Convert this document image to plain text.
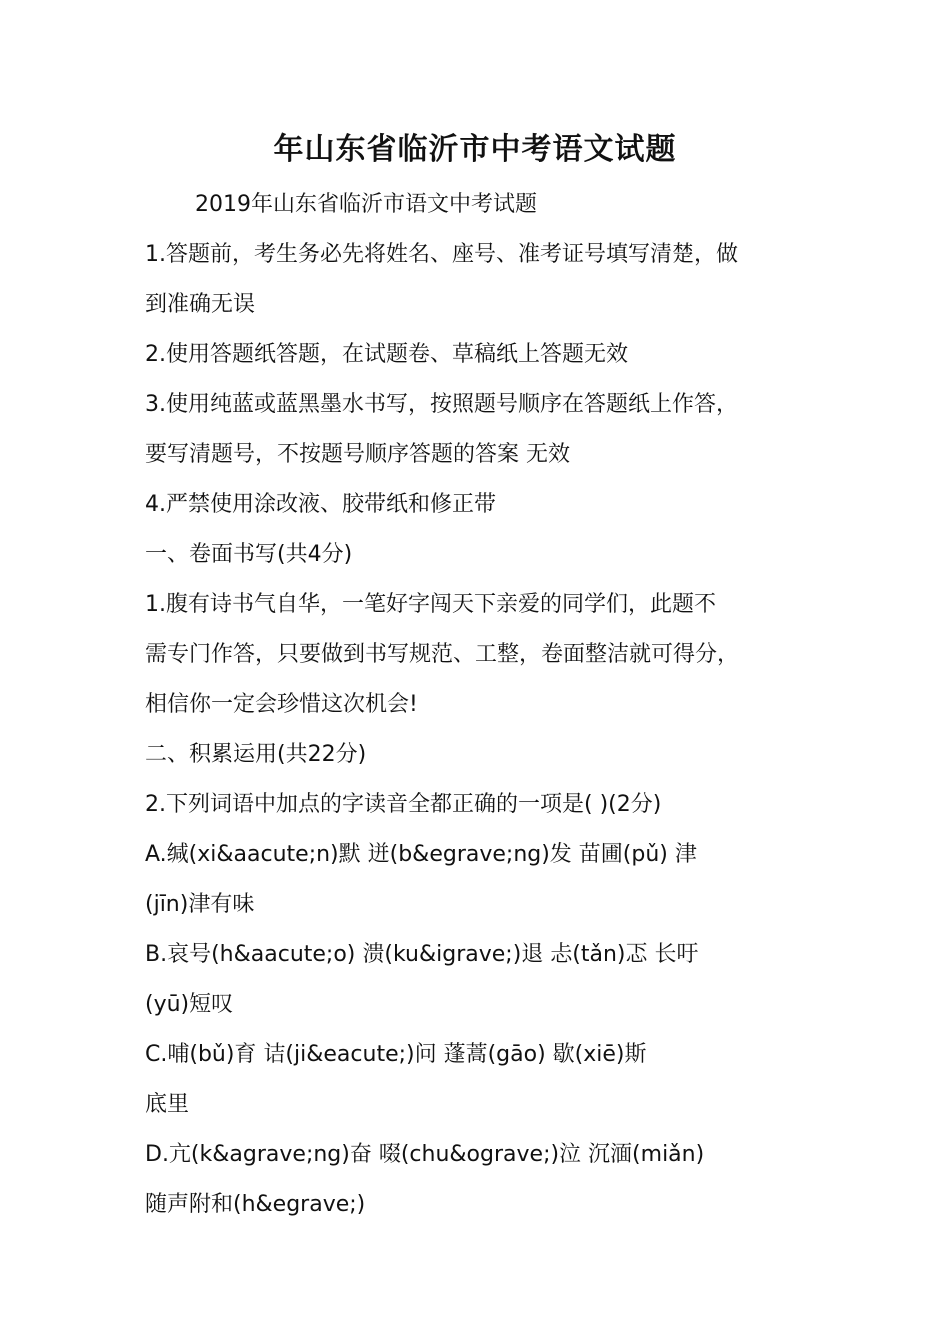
年山东省临沂市中考语文试题
2019年山东省临沂市语文中考试题
1.答题前，考生务必先将姓名、座号、准考证号填写清楚，做
到准确无误
2.使用答题纸答题，在试题卷、草稿纸上答题无效
3.使用纯蓝或蓝黑墨水书写，按照题号顺序在答题纸上作答，
要写清题号，不按题号顺序答题的答案 无效
4.严禁使用涂改液、胶带纸和修正带
一、卷面书写(共4分)
1.腹有诗书气自华，一笔好字闯天下亲爱的同学们，此题不
需专门作答，只要做到书写规范、工整，卷面整洁就可得分，
相信你一定会珍惜这次机会!
二、积累运用(共22分)
2.下列词语中加点的字读音全都正确的一项是( )(2分)
A.缄(xi&aacute;n)默 迸(b&egrave;ng)发 苗圃(pǔ) 津
(jīn)津有味
B.哀号(h&aacute;o) 溃(ku&igrave;)退 忐(tǎn)忑 长吁
(yū)短叹
C.哺(bǔ)育 诘(ji&eacute;)问 蓬蒿(gāo) 歇(xiē)斯
底里
D.亢(k&agrave;ng)奋 啜(chu&ograve;)泣 沉湎(miǎn)
随声附和(h&egrave;)
